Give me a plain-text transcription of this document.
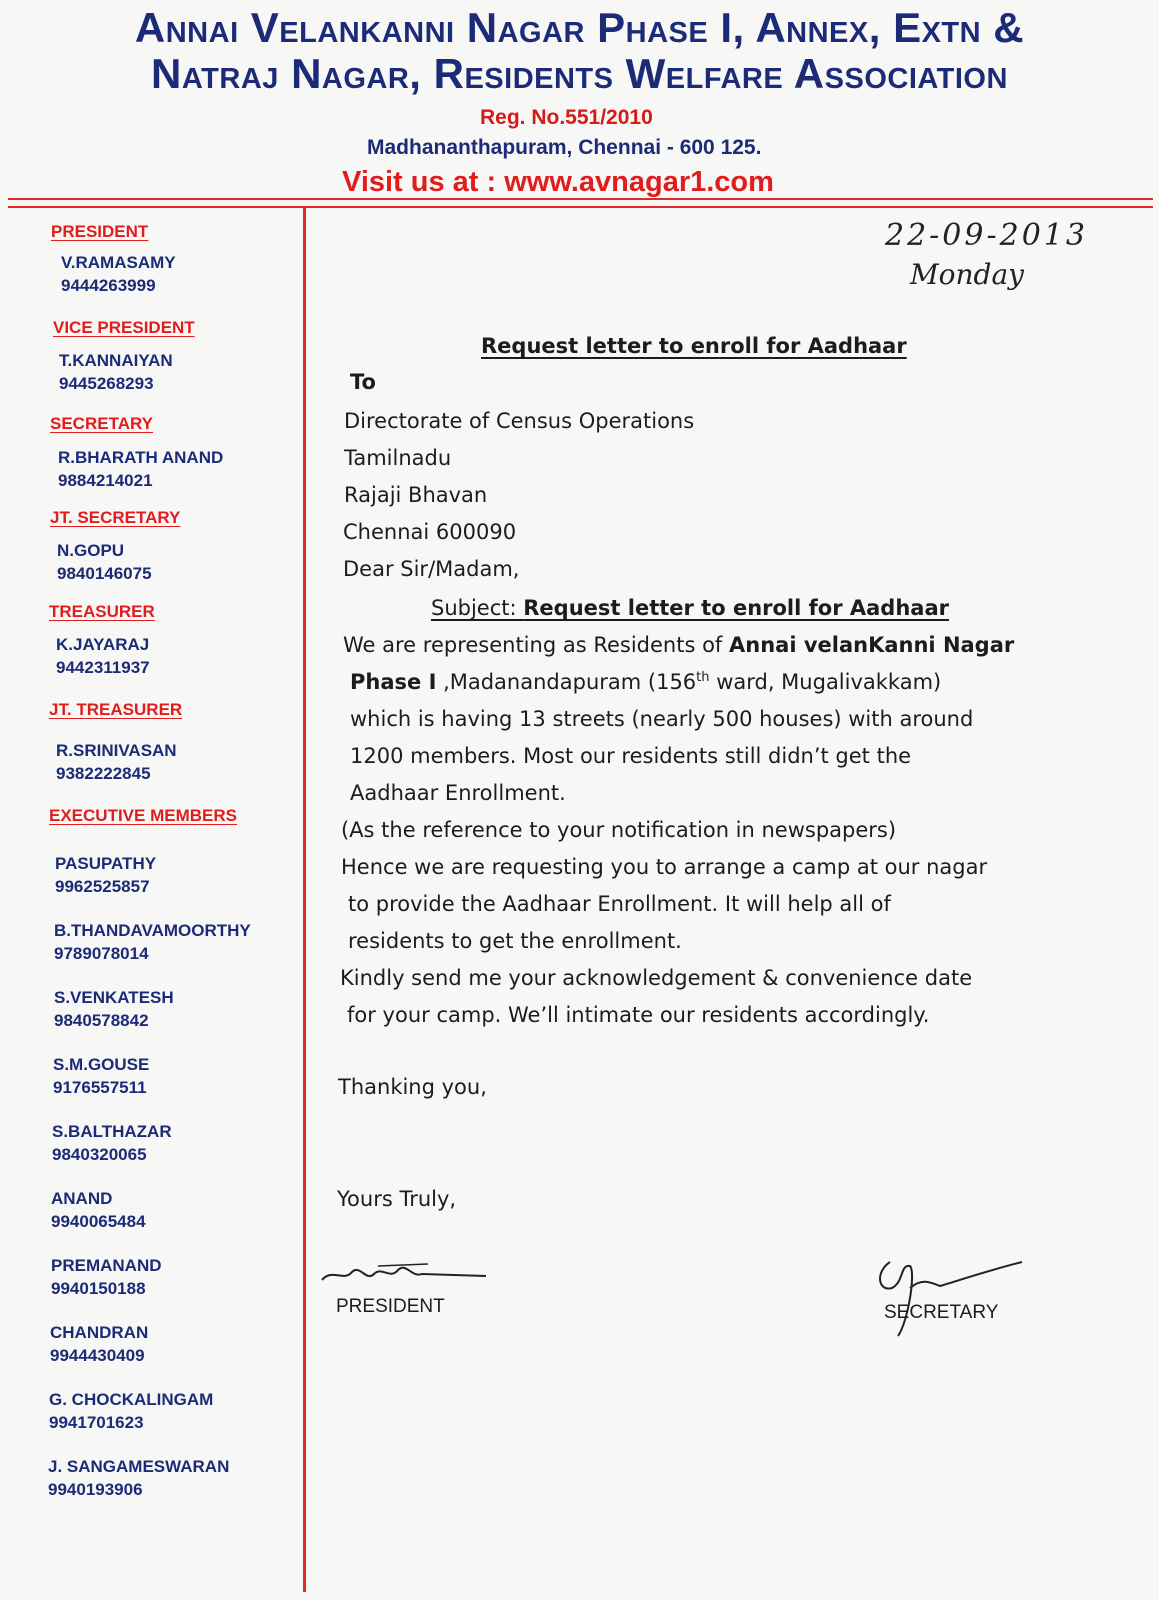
Annai Velankanni Nagar Phase I, Annex, Extn &
Natraj Nagar, Residents Welfare Association
Reg. No.551/2010
Madhananthapuram, Chennai - 600 125.
Visit us at : www.avnagar1.com
PRESIDENT
V.RAMASAMY
9444263999
VICE PRESIDENT
T.KANNAIYAN
9445268293
SECRETARY
R.BHARATH ANAND
9884214021
JT. SECRETARY
N.GOPU
9840146075
TREASURER
K.JAYARAJ
9442311937
JT. TREASURER
R.SRINIVASAN
9382222845
EXECUTIVE MEMBERS
PASUPATHY
9962525857
B.THANDAVAMOORTHY
9789078014
S.VENKATESH
9840578842
S.M.GOUSE
9176557511
S.BALTHAZAR
9840320065
ANAND
9940065484
PREMANAND
9940150188
CHANDRAN
9944430409
G. CHOCKALINGAM
9941701623
J. SANGAMESWARAN
9940193906
22-09-2013
Monday
Request letter to enroll for Aadhaar
To
Directorate of Census Operations
Tamilnadu
Rajaji Bhavan
Chennai 600090
Dear Sir/Madam,
Subject: Request letter to enroll for Aadhaar
We are representing as Residents of Annai velanKanni Nagar
Phase I ,Madanandapuram (156th ward, Mugalivakkam)
which is having 13 streets (nearly 500 houses) with around
1200 members. Most our residents still didn’t get the
Aadhaar Enrollment.
(As the reference to your notification in newspapers)
Hence we are requesting you to arrange a camp at our nagar
to provide the Aadhaar Enrollment. It will help all of
residents to get the enrollment.
Kindly send me your acknowledgement & convenience date
for your camp. We’ll intimate our residents accordingly.
Thanking you,
Yours Truly,
PRESIDENT	SECRETARY
